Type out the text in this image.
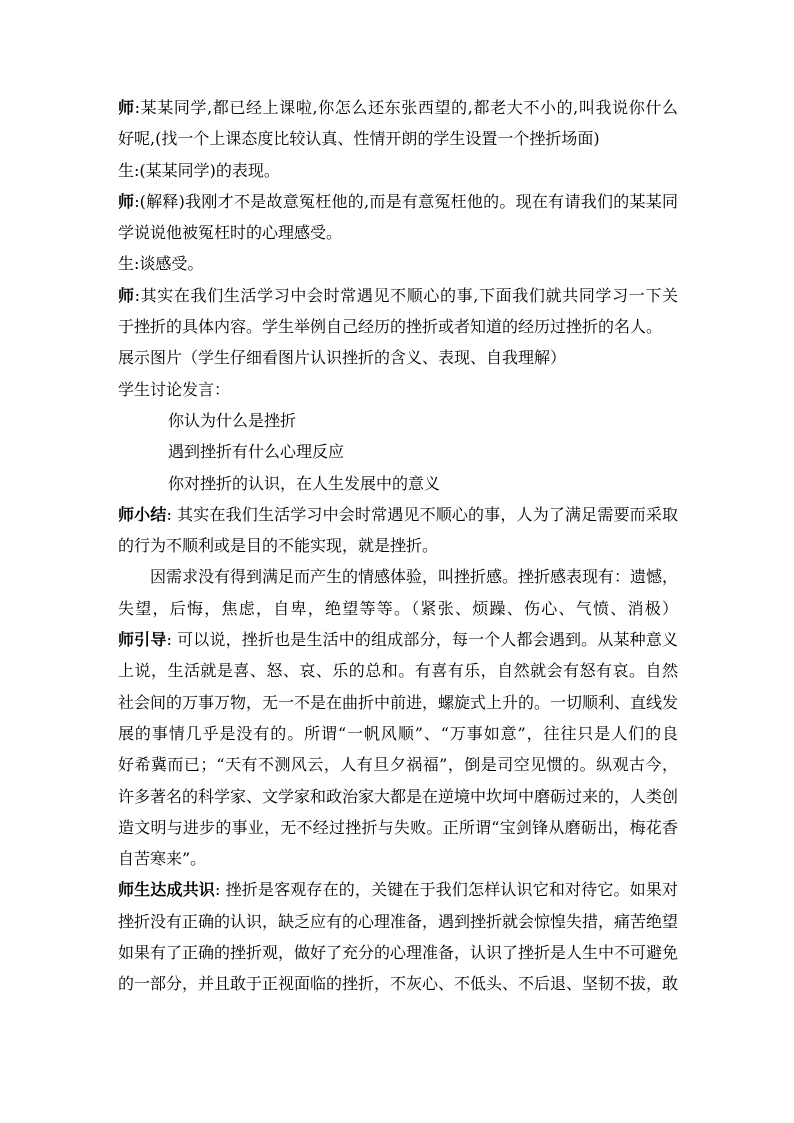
师:某某同学,都已经上课啦,你怎么还东张西望的,都老大不小的,叫我说你什么
好呢,(找一个上课态度比较认真、性情开朗的学生设置一个挫折场面)
生:(某某同学)的表现。
师:(解释)我刚才不是故意冤枉他的,而是有意冤枉他的。现在有请我们的某某同
学说说他被冤枉时的心理感受。
生:谈感受。
师:其实在我们生活学习中会时常遇见不顺心的事,下面我们就共同学习一下关
于挫折的具体内容。学生举例自己经历的挫折或者知道的经历过挫折的名人。
展示图片（学生仔细看图片认识挫折的含义、表现、自我理解）
学生讨论发言：
你认为什么是挫折
遇到挫折有什么心理反应
你对挫折的认识，在人生发展中的意义
师小结: 其实在我们生活学习中会时常遇见不顺心的事，人为了满足需要而采取
的行为不顺利或是目的不能实现，就是挫折。
因需求没有得到满足而产生的情感体验，叫挫折感。挫折感表现有：遗憾，
失望，后悔，焦虑，自卑，绝望等等。（紧张、烦躁、伤心、气愤、消极）
师引导: 可以说，挫折也是生活中的组成部分，每一个人都会遇到。从某种意义
上说，生活就是喜、怒、哀、乐的总和。有喜有乐，自然就会有怒有哀。自然
社会间的万事万物，无一不是在曲折中前进，螺旋式上升的。一切顺利、直线发
展的事情几乎是没有的。所谓“一帆风顺”、“万事如意”，往往只是人们的良
好希冀而已；“天有不测风云，人有旦夕祸福”，倒是司空见惯的。纵观古今，
许多著名的科学家、文学家和政治家大都是在逆境中坎坷中磨砺过来的，人类创
造文明与进步的事业，无不经过挫折与失败。正所谓“宝剑锋从磨砺出，梅花香
自苦寒来”。
师生达成共识: 挫折是客观存在的，关键在于我们怎样认识它和对待它。如果对
挫折没有正确的认识，缺乏应有的心理准备，遇到挫折就会惊惶失措，痛苦绝望
如果有了正确的挫折观，做好了充分的心理准备，认识了挫折是人生中不可避免
的一部分，并且敢于正视面临的挫折，不灰心、不低头、不后退、坚韧不拔，敢
